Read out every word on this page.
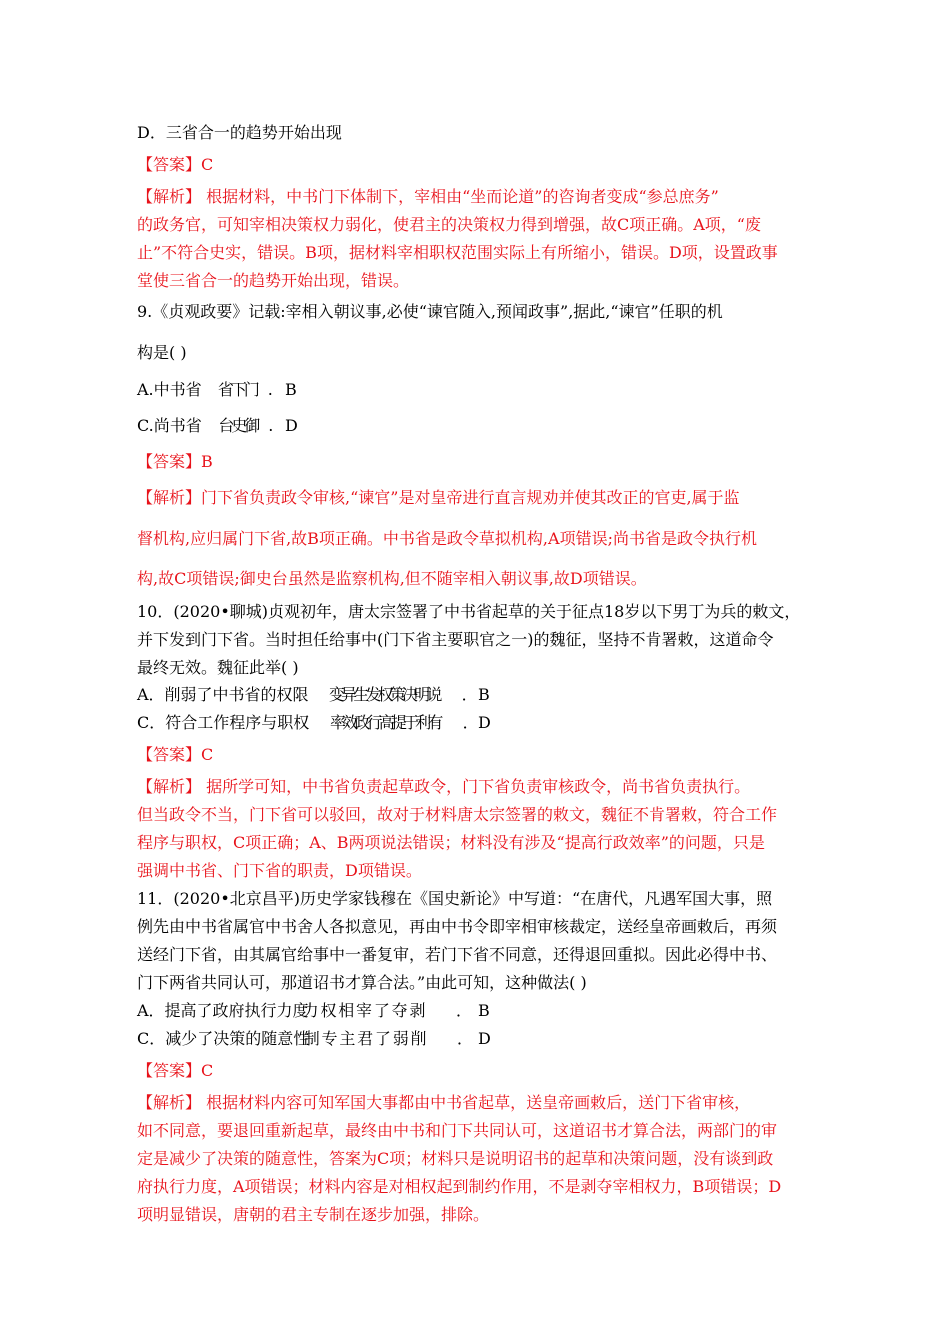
D．三省合一的趋势开始出现
【答案】C
【解析】 根据材料，中书门下体制下，宰相由“坐而论道”的咨询者变成“参总庶务”
的政务官，可知宰相决策权力弱化，使君主的决策权力得到增强，故C项正确。A项，“废
止”不符合史实，错误。B项，据材料宰相职权范围实际上有所缩小，错误。D项，设置政事
堂使三省合一的趋势开始出现，错误。
9.《贞观政要》记载:宰相入朝议事,必使“谏官随入,预闻政事”,据此,“谏官”任职的机
构是( )
A.中书省
C.尚书省
【答案】B
【解析】门下省负责政令审核,“谏官”是对皇帝进行直言规劝并使其改正的官吏,属于监
督机构,应归属门下省,故B项正确。中书省是政令草拟机构,A项错误;尚书省是政令执行机
构,故C项错误;御史台虽然是监察机构,但不随宰相入朝议事,故D项错误。
10．(2020•聊城)贞观初年，唐太宗签署了中书省起草的关于征点18岁以下男丁为兵的敕文，
并下发到门下省。当时担任给事中(门下省主要职官之一)的魏征，坚持不肯署敕，这道命令
最终无效。魏征此举( )
A．削弱了中书省的权限
C．符合工作程序与职权
【答案】C
【解析】 据所学可知，中书省负责起草政令，门下省负责审核政令，尚书省负责执行。
但当政令不当，门下省可以驳回，故对于材料唐太宗签署的敕文，魏征不肯署敕，符合工作
程序与职权，C项正确；A、B两项说法错误；材料没有涉及“提高行政效率”的问题，只是
强调中书省、门下省的职责，D项错误。
11．(2020•北京昌平)历史学家钱穆在《国史新论》中写道：“在唐代，凡遇军国大事，照
例先由中书省属官中书舍人各拟意见，再由中书令即宰相审核裁定，送经皇帝画敕后，再须
送经门下省，由其属官给事中一番复审，若门下省不同意，还得退回重拟。因此必得中书、
门下两省共同认可，那道诏书才算合法。”由此可知，这种做法( )
A．提高了政府执行力度
C．减少了决策的随意性
【答案】C
【解析】 根据材料内容可知军国大事都由中书省起草，送皇帝画敕后，送门下省审核，
如不同意，要退回重新起草，最终由中书和门下共同认可，这道诏书才算合法，两部门的审
定是减少了决策的随意性，答案为C项；材料只是说明诏书的起草和决策问题，没有谈到政
府执行力度，A项错误；材料内容是对相权起到制约作用，不是剥夺宰相权力，B项错误；D
项明显错误，唐朝的君主专制在逐步加强，排除。
